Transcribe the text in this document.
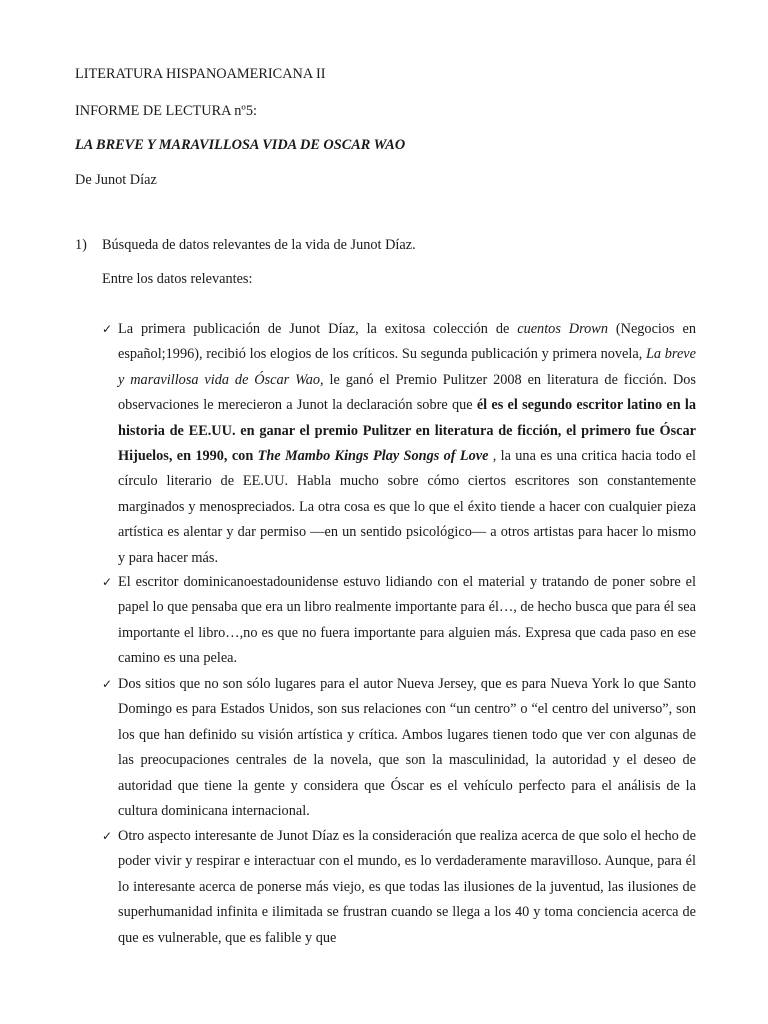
LITERATURA HISPANOAMERICANA II
INFORME DE LECTURA nº5:
LA BREVE Y MARAVILLOSA VIDA DE OSCAR WAO
De Junot Díaz
1) Búsqueda de datos relevantes de la vida de Junot Díaz.
Entre los datos relevantes:
✓ La primera publicación de Junot Díaz, la exitosa colección de cuentos Drown (Negocios en español;1996), recibió los elogios de los críticos. Su segunda publicación y primera novela, La breve y maravillosa vida de Óscar Wao, le ganó el Premio Pulitzer 2008 en literatura de ficción. Dos observaciones le merecieron a Junot la declaración sobre que él es el segundo escritor latino en la historia de EE.UU. en ganar el premio Pulitzer en literatura de ficción, el primero fue Óscar Hijuelos, en 1990, con The Mambo Kings Play Songs of Love , la una es una critica hacia todo el círculo literario de EE.UU. Habla mucho sobre cómo ciertos escritores son constantemente marginados y menospreciados. La otra cosa es que lo que el éxito tiende a hacer con cualquier pieza artística es alentar y dar permiso —en un sentido psicológico— a otros artistas para hacer lo mismo y para hacer más.

✓ El escritor dominicanoestadounidense estuvo lidiando con el material y tratando de poner sobre el papel lo que pensaba que era un libro realmente importante para él…, de hecho busca que para él sea importante el libro…,no es que no fuera importante para alguien más. Expresa que cada paso en ese camino es una pelea.

✓ Dos sitios que no son sólo lugares para el autor Nueva Jersey, que es para Nueva York lo que Santo Domingo es para Estados Unidos, son sus relaciones con “un centro” o “el centro del universo”, son los que han definido su visión artística y crítica. Ambos lugares tienen todo que ver con algunas de las preocupaciones centrales de la novela, que son la masculinidad, la autoridad y el deseo de autoridad que tiene la gente y considera que Óscar es el vehículo perfecto para el análisis de la cultura dominicana internacional.

✓ Otro aspecto interesante de Junot Díaz es la consideración que realiza acerca de que solo el hecho de poder vivir y respirar e interactuar con el mundo, es lo verdaderamente maravilloso. Aunque, para él lo interesante acerca de ponerse más viejo, es que todas las ilusiones de la juventud, las ilusiones de superhumanidad infinita e ilimitada se frustran cuando se llega a los 40 y toma conciencia acerca de que es vulnerable, que es falible y que
